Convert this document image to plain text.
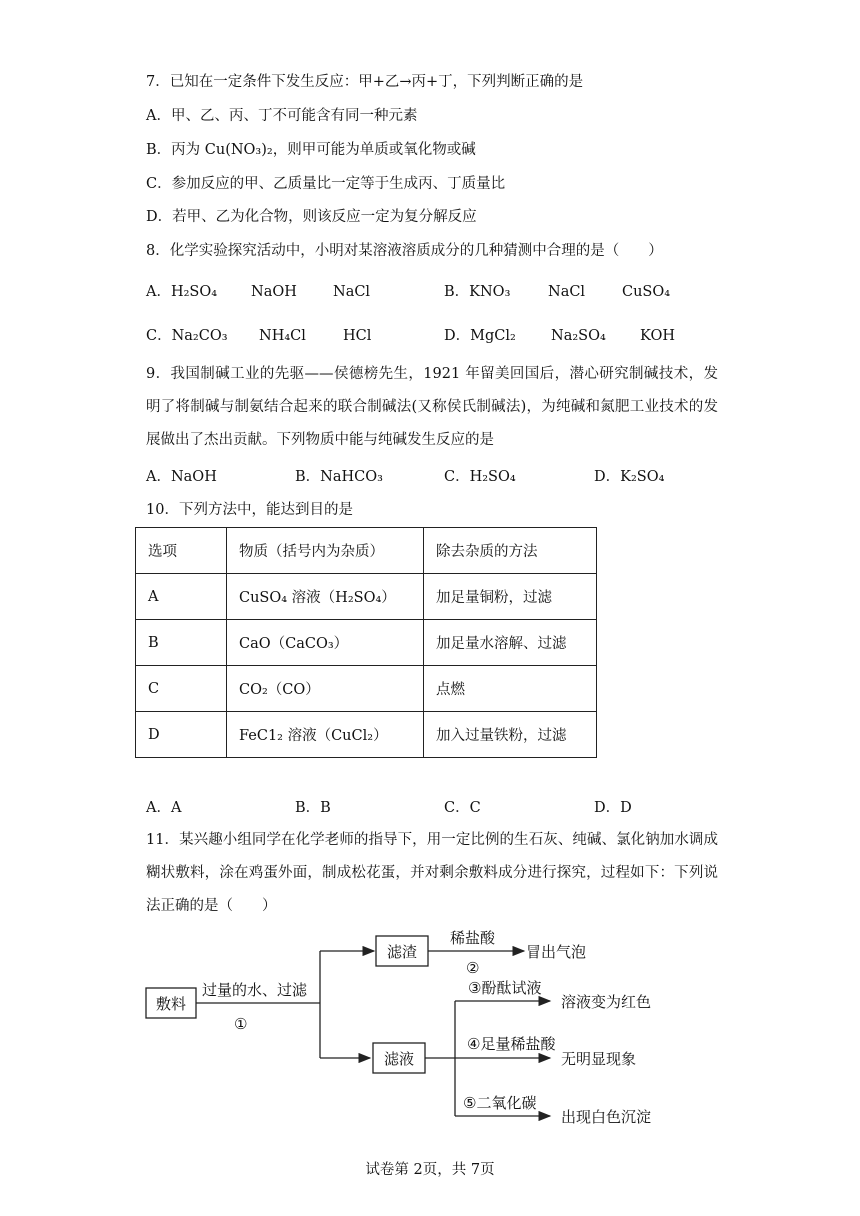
7．已知在一定条件下发生反应：甲+乙→丙+丁，下列判断正确的是
A．甲、乙、丙、丁不可能含有同一种元素
B．丙为 Cu(NO₃)₂，则甲可能为单质或氧化物或碱
C．参加反应的甲、乙质量比一定等于生成丙、丁质量比
D．若甲、乙为化合物，则该反应一定为复分解反应
8．化学实验探究活动中，小明对某溶液溶质成分的几种猜测中合理的是（　　）
A．H₂SO₄ NaOH NaCl	B．KNO₃	NaCl	CuSO₄
C．Na₂CO₃ NH₄Cl	HCl	D．MgCl₂ Na₂SO₄ KOH
9．我国制碱工业的先驱——侯德榜先生，1921 年留美回国后，潜心研究制碱技术，发明了将制碱与制氨结合起来的联合制碱法(又称侯氏制碱法)，为纯碱和氮肥工业技术的发展做出了杰出贡献。下列物质中能与纯碱发生反应的是
A．NaOH	B．NaHCO₃	C．H₂SO₄	D．K₂SO₄
10．下列方法中，能达到目的是
选项	物质（括号内为杂质）	除去杂质的方法
A	CuSO₄ 溶液（H₂SO₄）	加足量铜粉，过滤
B	CaO（CaCO₃）	加足量水溶解、过滤
C	CO₂（CO）	点燃
D	FeC1₂ 溶液（CuCl₂）	加入过量铁粉，过滤
A．A	B．B	C．C	D．D
11．某兴趣小组同学在化学老师的指导下，用一定比例的生石灰、纯碱、氯化钠加水调成糊状敷料，涂在鸡蛋外面，制成松花蛋，并对剩余敷料成分进行探究，过程如下：下列说法正确的是（　　）
敷料
过量的水、过滤
①
滤渣
稀盐酸
②
冒出气泡
滤液
③酚酞试液
④足量稀盐酸
⑤二氧化碳
溶液变为红色
无明显现象
出现白色沉淀
试卷第 2页，共 7页
